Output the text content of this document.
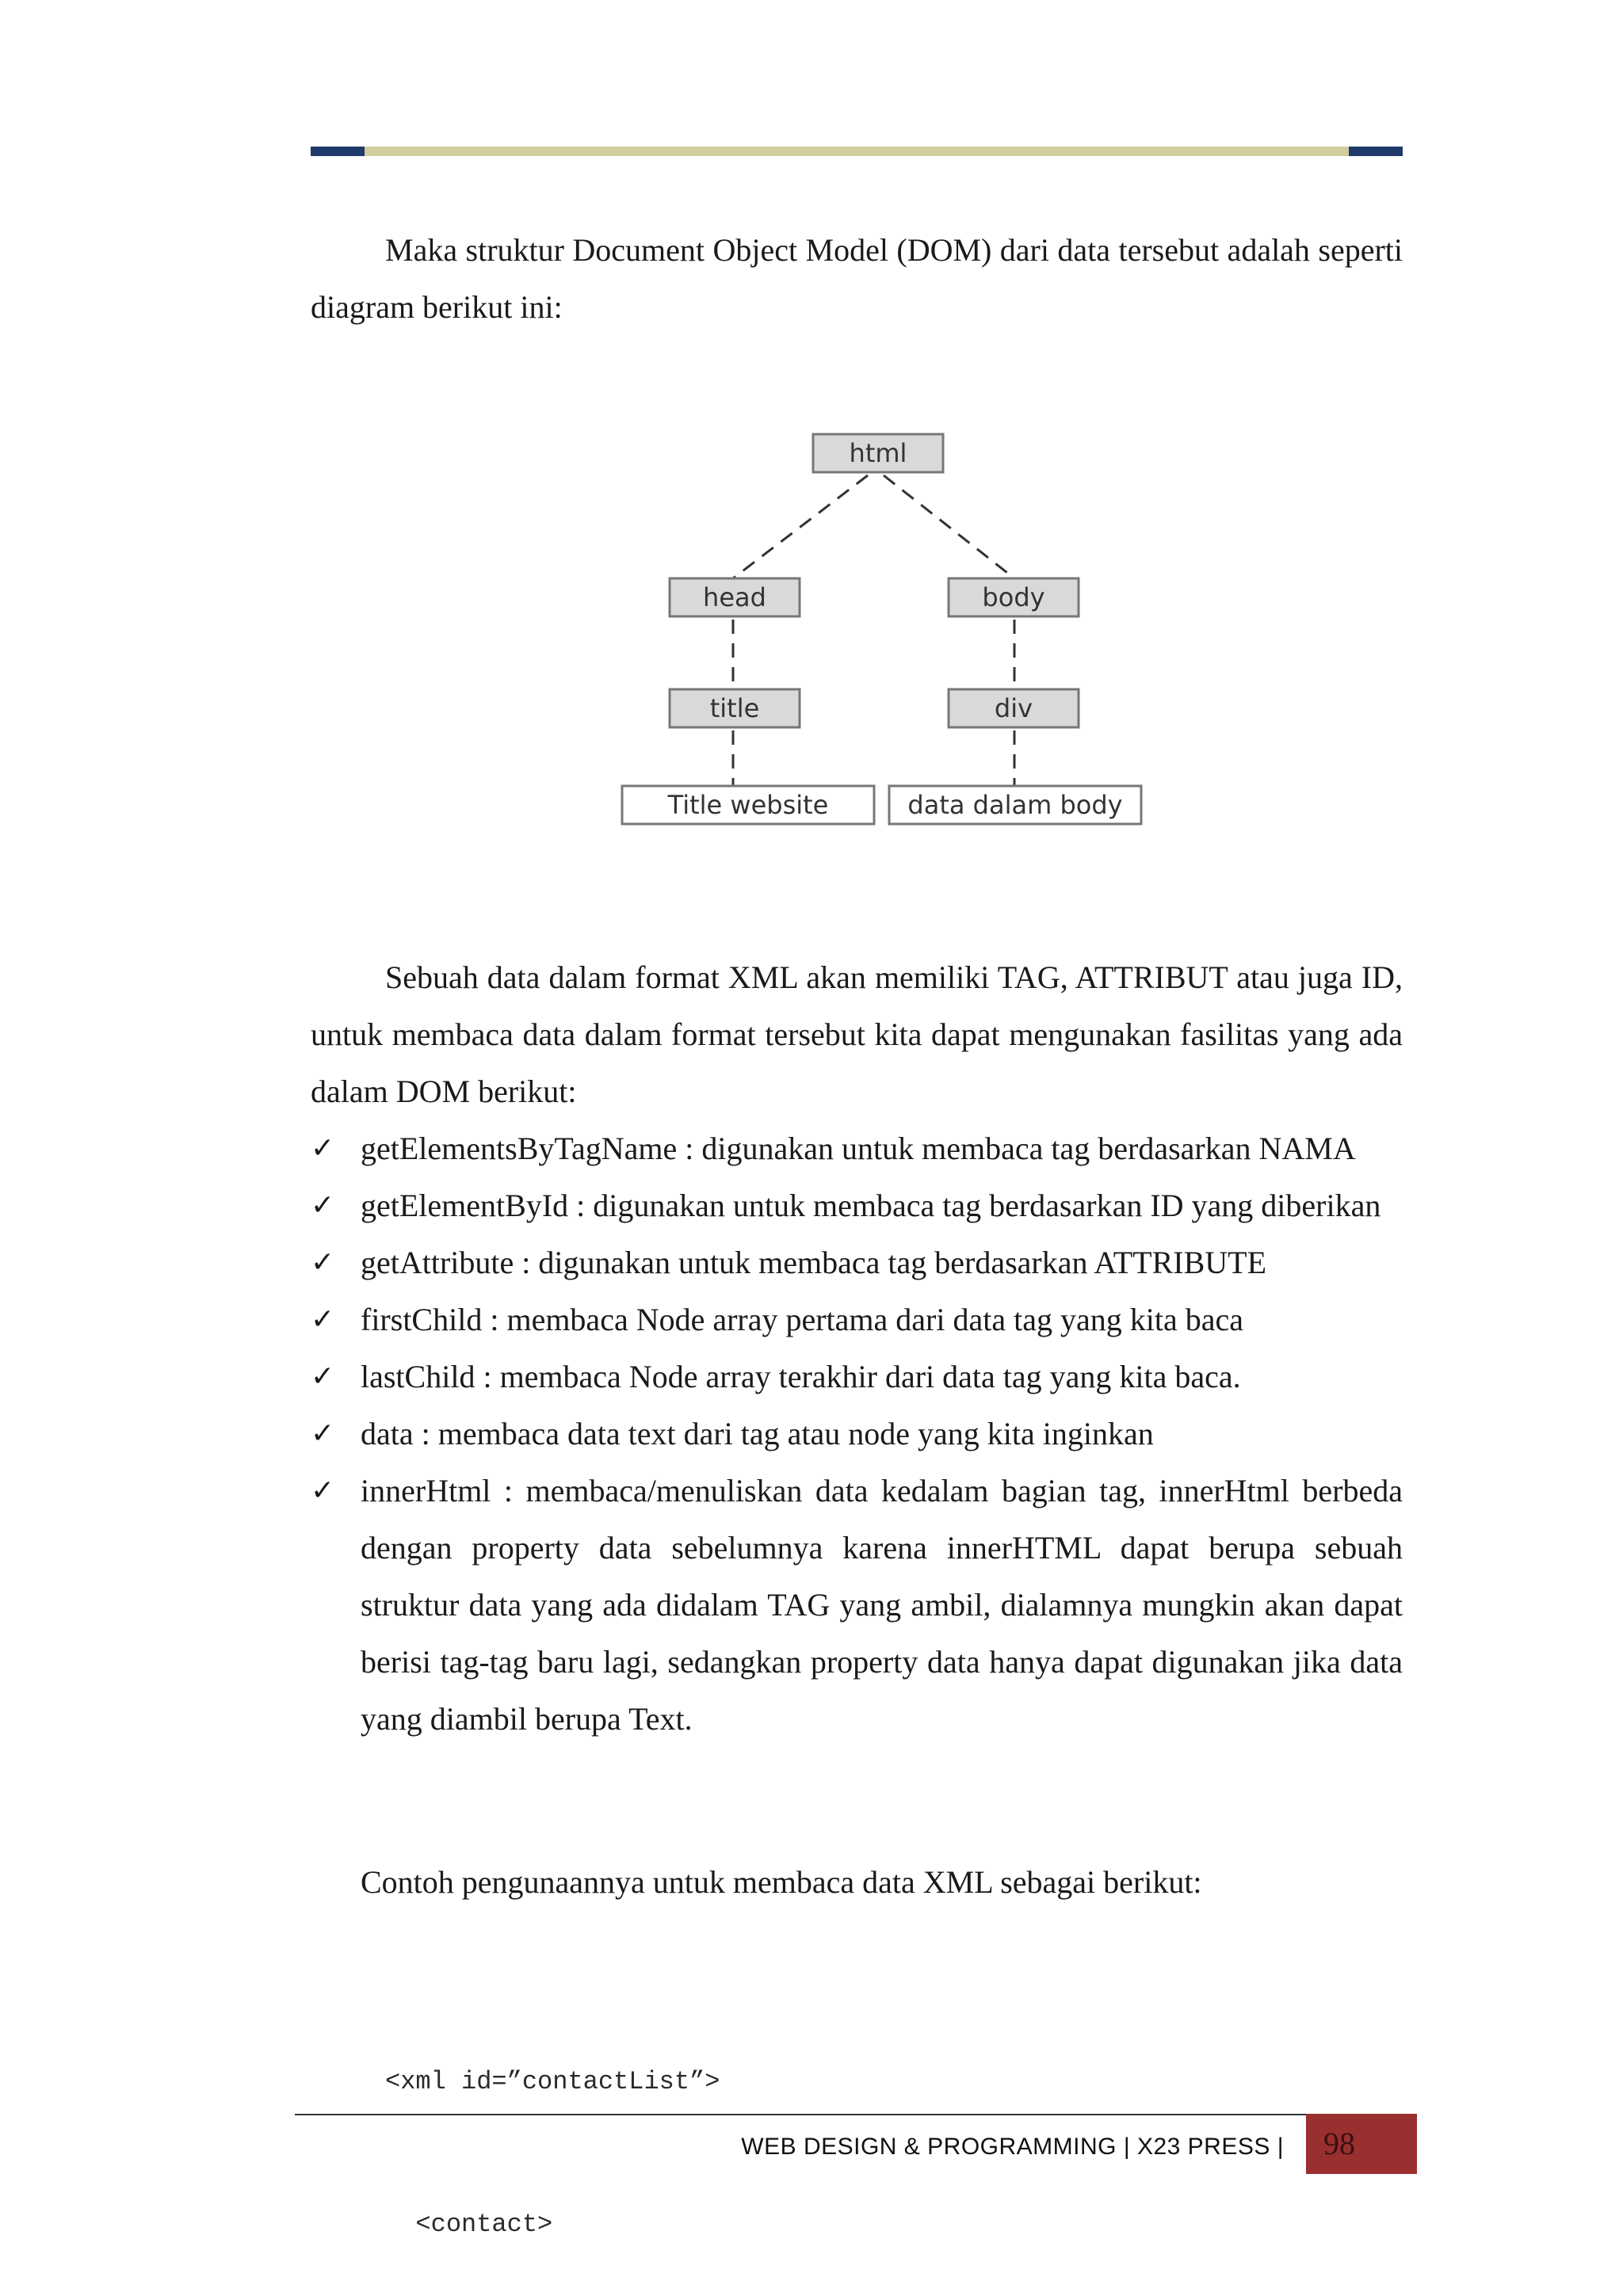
Maka struktur Document Object Model (DOM) dari data tersebut adalah seperti diagram berikut ini:

html
head	body
title	div
Title website	data dalam body

Sebuah data dalam format XML akan memiliki TAG, ATTRIBUT atau juga ID, untuk membaca data dalam format tersebut kita dapat mengunakan fasilitas yang ada dalam DOM berikut:

✓ getElementsByTagName : digunakan untuk membaca tag berdasarkan NAMA
✓ getElementById : digunakan untuk membaca tag berdasarkan ID yang diberikan
✓ getAttribute : digunakan untuk membaca tag berdasarkan ATTRIBUTE
✓ firstChild : membaca Node array pertama dari data tag yang kita baca
✓ lastChild : membaca Node array terakhir dari data tag yang kita baca.
✓ data : membaca data text dari tag atau node yang kita inginkan
✓ innerHtml : membaca/menuliskan data kedalam bagian tag, innerHtml berbeda dengan property data sebelumnya karena innerHTML dapat berupa sebuah struktur data yang ada didalam TAG yang ambil, dialamnya mungkin akan dapat berisi tag-tag baru lagi, sedangkan property data hanya dapat digunakan jika data yang diambil berupa Text.

Contoh pengunaannya untuk membaca data XML sebagai berikut:

<xml id=”contactList”>

<contact>

WEB DESIGN & PROGRAMMING | X23 PRESS |	98
